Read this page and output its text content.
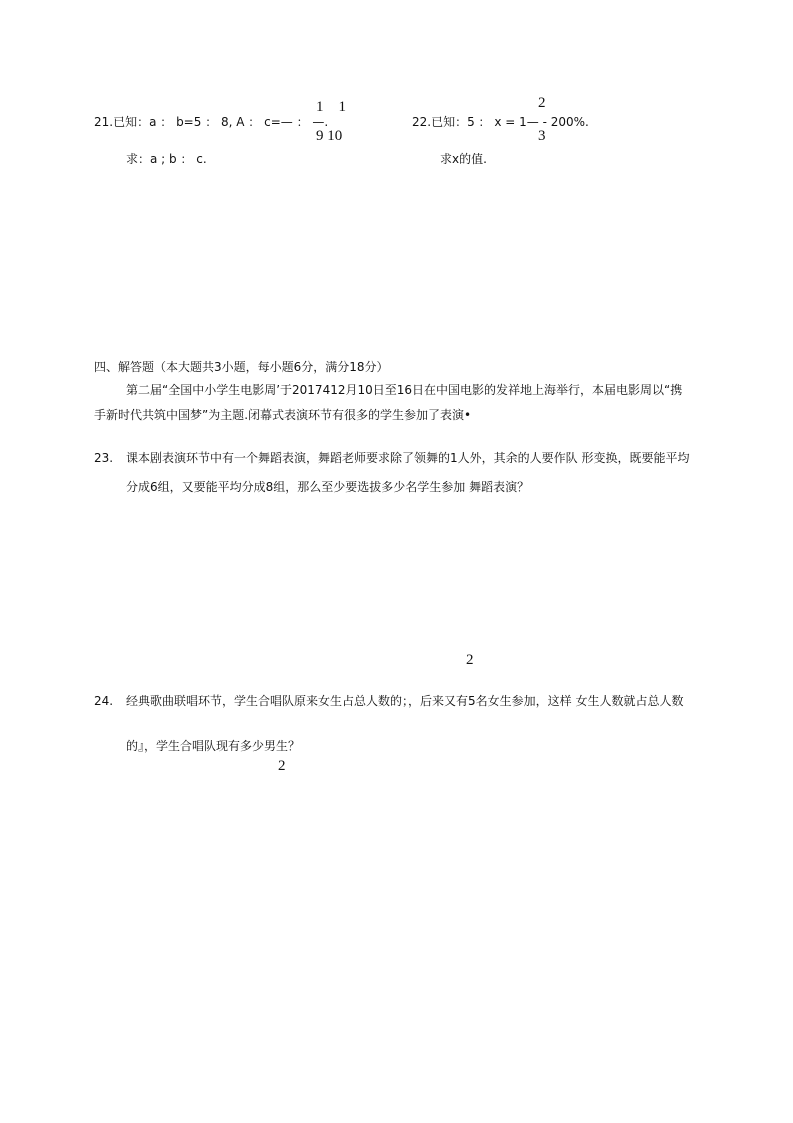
1　1
21.已知：a ： b=5 ： 8, A ： c=— ： —.
9 10
求：a ; b ： c.
2
22.已知：5 ： x = 1— - 200%.
3
求x的值.
四、解答题（本大题共3小题，每小题6分，满分18分）
第二届“全国中小学生电影周’于2017412月10日至16日在中国电影的发祥地上海举行，本届电影周以“携
手新时代共筑中国梦”为主题.闭幕式表演环节有很多的学生参加了表演•
23. 课本剧表演环节中有一个舞蹈表演，舞蹈老师要求除了领舞的1人外，其余的人要作队 形变换，既要能平均
分成6组，又要能平均分成8组，那么至少要选拔多少名学生参加 舞蹈表演？
2
24. 经典歌曲联唱环节，学生合唱队原来女生占总人数的；，后来又有5名女生参加，这样 女生人数就占总人数
的』，学生合唱队现有多少男生？
2
